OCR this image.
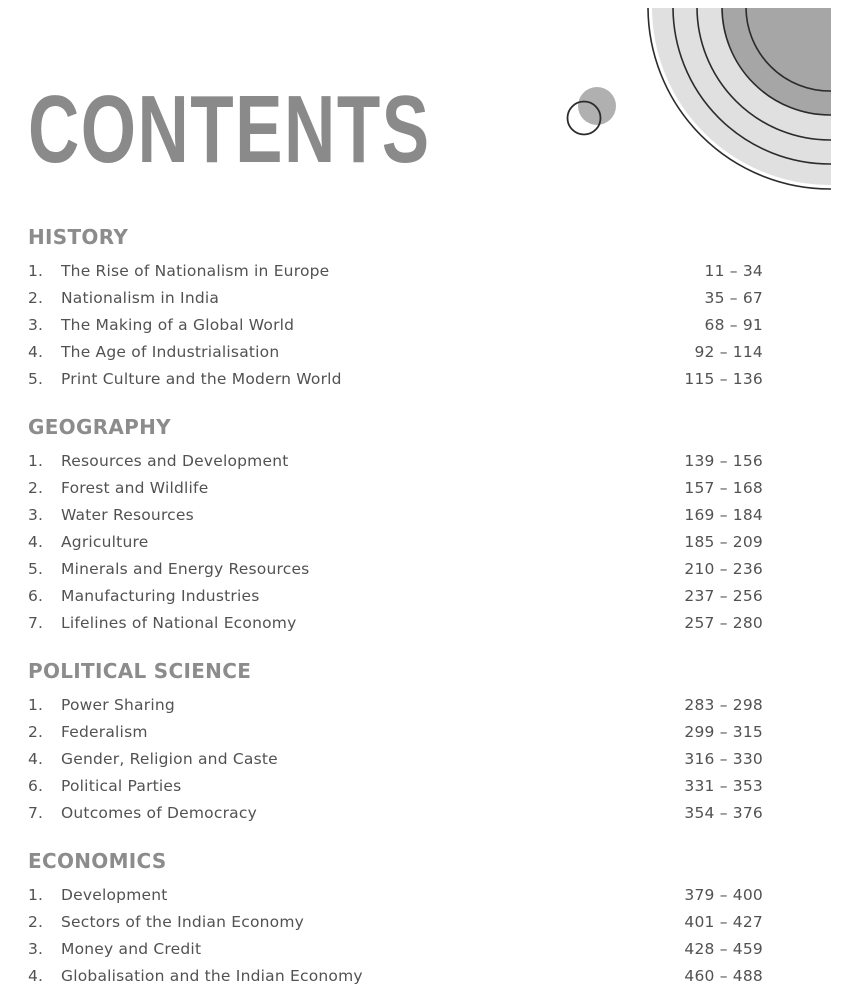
CONTENTS
HISTORY
1. The Rise of Nationalism in Europe	11 – 34
2. Nationalism in India	35 – 67
3. The Making of a Global World	68 – 91
4. The Age of Industrialisation	92 – 114
5. Print Culture and the Modern World	115 – 136
GEOGRAPHY
1. Resources and Development	139 – 156
2. Forest and Wildlife	157 – 168
3. Water Resources	169 – 184
4. Agriculture	185 – 209
5. Minerals and Energy Resources	210 – 236
6. Manufacturing Industries	237 – 256
7. Lifelines of National Economy	257 – 280
POLITICAL SCIENCE
1. Power Sharing	283 – 298
2. Federalism	299 – 315
4. Gender, Religion and Caste	316 – 330
6. Political Parties	331 – 353
7. Outcomes of Democracy	354 – 376
ECONOMICS
1. Development	379 – 400
2. Sectors of the Indian Economy	401 – 427
3. Money and Credit	428 – 459
4. Globalisation and the Indian Economy	460 – 488
